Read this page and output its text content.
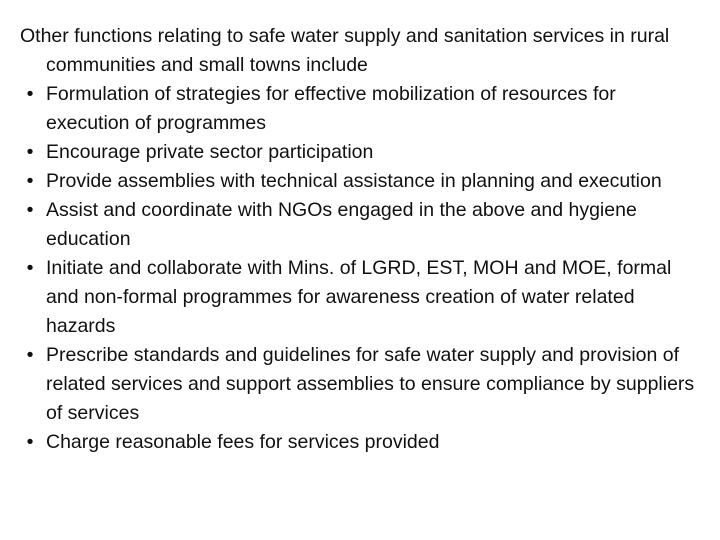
Other functions relating to safe water supply and sanitation services in rural communities and small towns include

• Formulation of strategies for effective mobilization of resources for execution of programmes
• Encourage private sector participation
• Provide assemblies with technical assistance in planning and execution
• Assist and coordinate with NGOs engaged in the above and hygiene education
• Initiate and collaborate with Mins. of LGRD, EST, MOH and MOE, formal and non-formal programmes for awareness creation of water related hazards
• Prescribe standards and guidelines for safe water supply and provision of related services and support assemblies to ensure compliance by suppliers of services
• Charge reasonable fees for services provided
